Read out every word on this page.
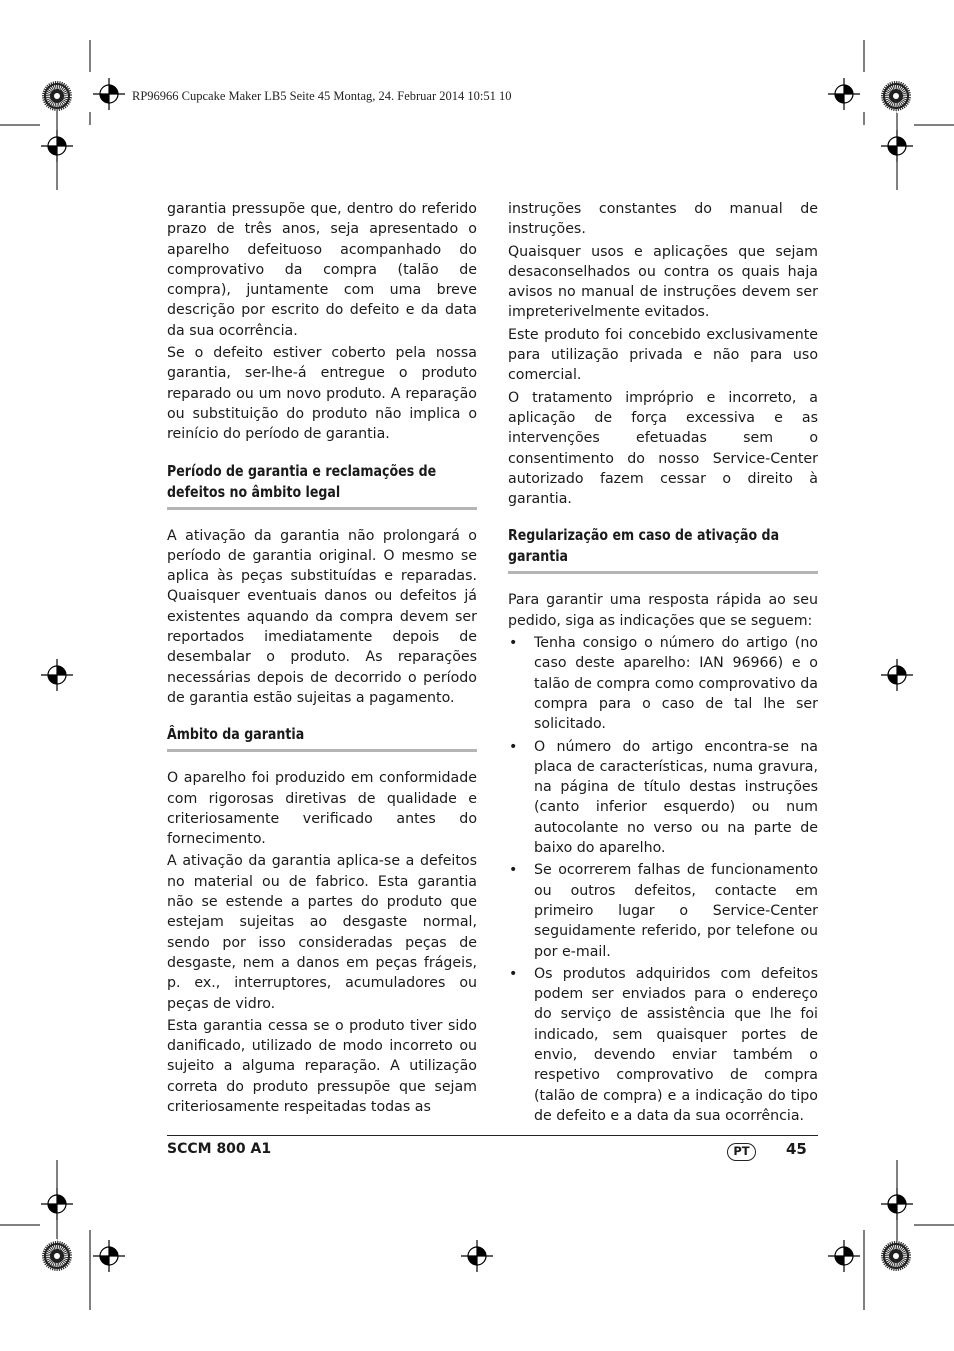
RP96966 Cupcake Maker LB5 Seite 45 Montag, 24. Februar 2014 10:51 10

garantia pressupõe que, dentro do referido prazo de três anos, seja apresentado o aparelho defeituoso acompanhado do comprovativo da compra (talão de compra), juntamente com uma breve descrição por escrito do defeito e da data da sua ocorrência.

Se o defeito estiver coberto pela nossa garantia, ser-lhe-á entregue o produto reparado ou um novo produto. A reparação ou substituição do produto não implica o reinício do período de garantia.

Período de garantia e reclamações de defeitos no âmbito legal

A ativação da garantia não prolongará o período de garantia original. O mesmo se aplica às peças substituídas e reparadas. Quaisquer eventuais danos ou defeitos já existentes aquando da compra devem ser reportados imediatamente depois de desembalar o produto. As reparações necessárias depois de decorrido o período de garantia estão sujeitas a pagamento.

Âmbito da garantia

O aparelho foi produzido em conformidade com rigorosas diretivas de qualidade e criteriosamente verificado antes do fornecimento.

A ativação da garantia aplica-se a defeitos no material ou de fabrico. Esta garantia não se estende a partes do produto que estejam sujeitas ao desgaste normal, sendo por isso consideradas peças de desgaste, nem a danos em peças frágeis, p. ex., interruptores, acumuladores ou peças de vidro.

Esta garantia cessa se o produto tiver sido danificado, utilizado de modo incorreto ou sujeito a alguma reparação. A utilização correta do produto pressupõe que sejam criteriosamente respeitadas todas as

instruções constantes do manual de instruções.

Quaisquer usos e aplicações que sejam desaconselhados ou contra os quais haja avisos no manual de instruções devem ser impreterivelmente evitados.

Este produto foi concebido exclusivamente para utilização privada e não para uso comercial.

O tratamento impróprio e incorreto, a aplicação de força excessiva e as intervenções efetuadas sem o consentimento do nosso Service-Center autorizado fazem cessar o direito à garantia.

Regularização em caso de ativação da garantia

Para garantir uma resposta rápida ao seu pedido, siga as indicações que se seguem:

• Tenha consigo o número do artigo (no caso deste aparelho: IAN 96966) e o talão de compra como comprovativo da compra para o caso de tal lhe ser solicitado.

• O número do artigo encontra-se na placa de características, numa gravura, na página de título destas instruções (canto inferior esquerdo) ou num autocolante no verso ou na parte de baixo do aparelho.

• Se ocorrerem falhas de funcionamento ou outros defeitos, contacte em primeiro lugar o Service-Center seguidamente referido, por telefone ou por e-mail.

• Os produtos adquiridos com defeitos podem ser enviados para o endereço do serviço de assistência que lhe foi indicado, sem quaisquer portes de envio, devendo enviar também o respetivo comprovativo de compra (talão de compra) e a indicação do tipo de defeito e a data da sua ocorrência.

SCCM 800 A1	PT	45
